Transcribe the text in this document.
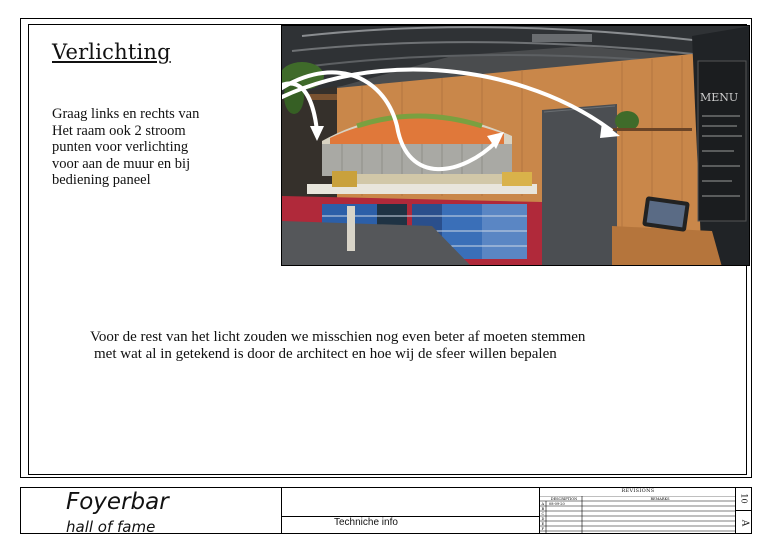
Verlichting
Graag links en rechts van
Het raam ook 2 stroom
punten voor verlichting
voor aan de muur en bij
bediening paneel
MENU
Voor de rest van het licht zouden we misschien nog even beter af moeten stemmen
met wat al in getekend is door de architect en hoe wij de sfeer willen bepalen
Foyerbar
hall of fame	Techniche info
REVISIONS
DESCRIPTION	REMARKS
A 08-09-20
B
C
D
E
F
10
A
